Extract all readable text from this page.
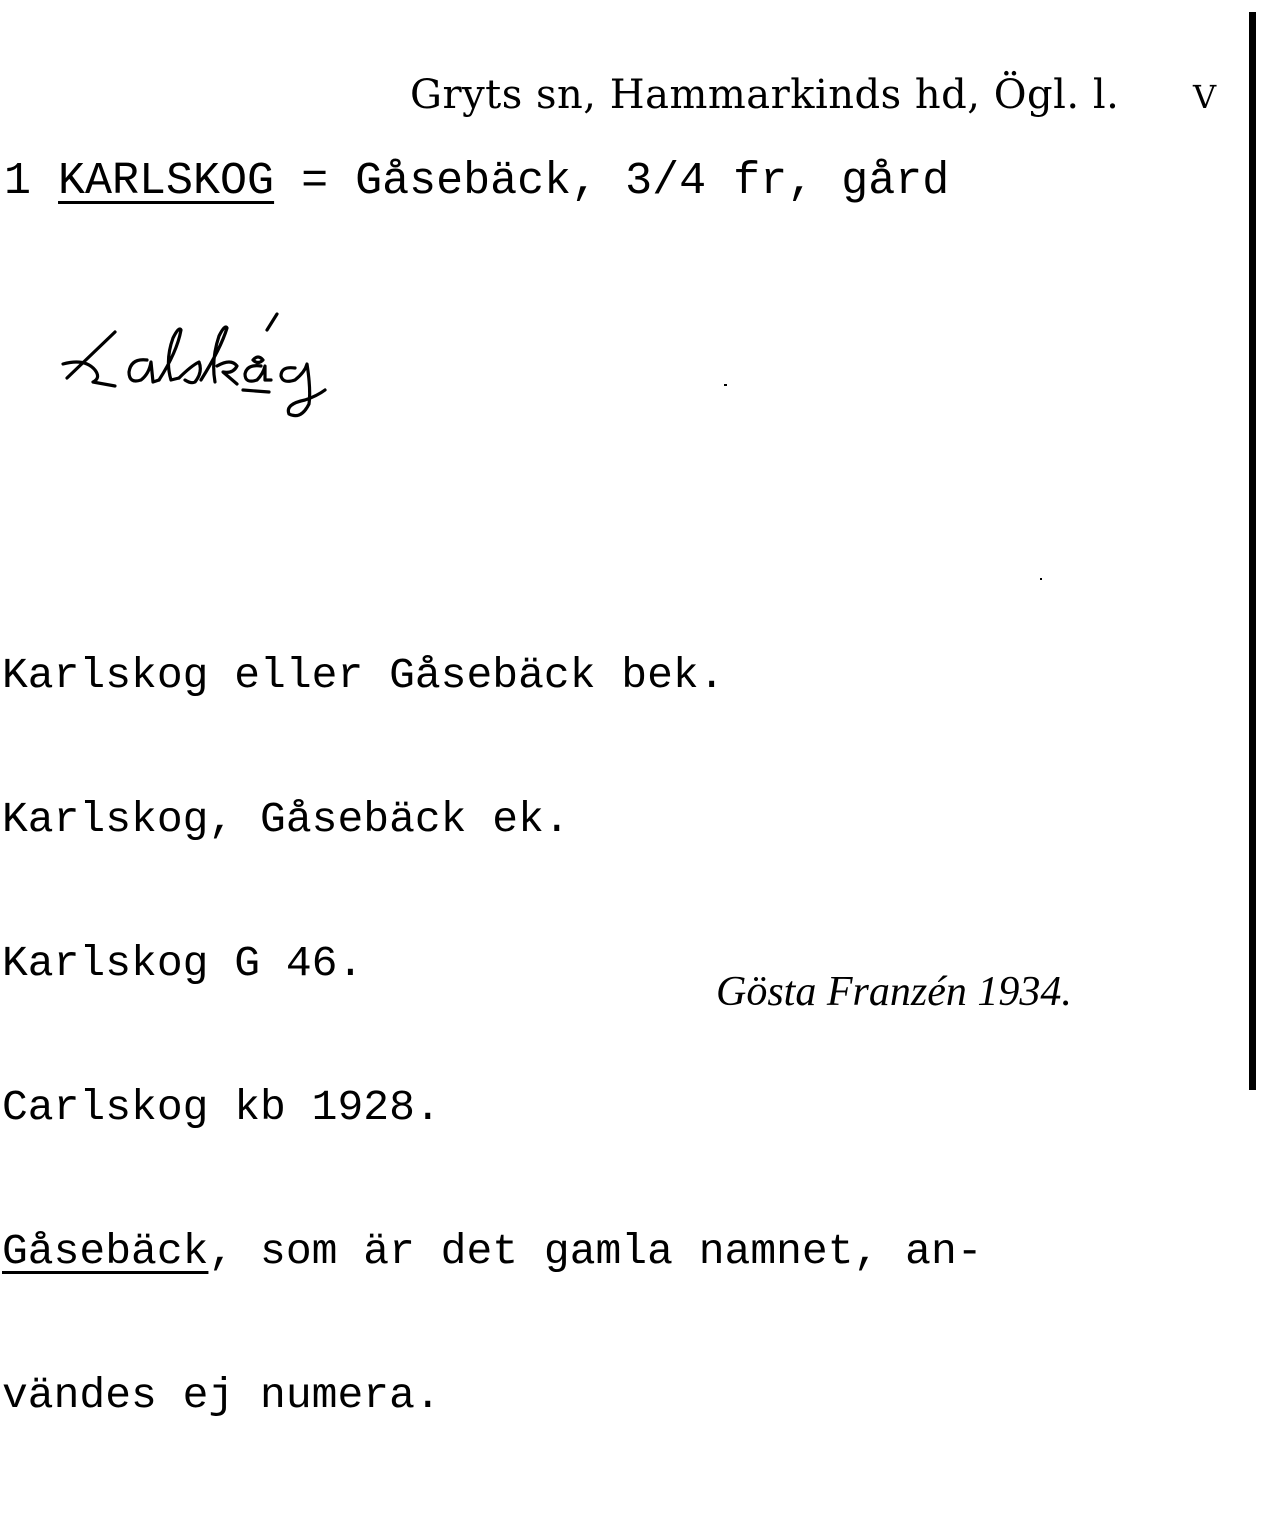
Gryts sn, Hammarkinds hd, Ögl. l. V
1 KARLSKOG = Gåsebäck, 3/4 fr, gård

Karlskog eller Gåsebäck bek.

Karlskog, Gåsebäck ek.

Karlskog G 46.

Carlskog kb 1928.

Gåsebäck, som är det gamla namnet, an-

vändes ej numera.

Gösta Franzén 1934.
